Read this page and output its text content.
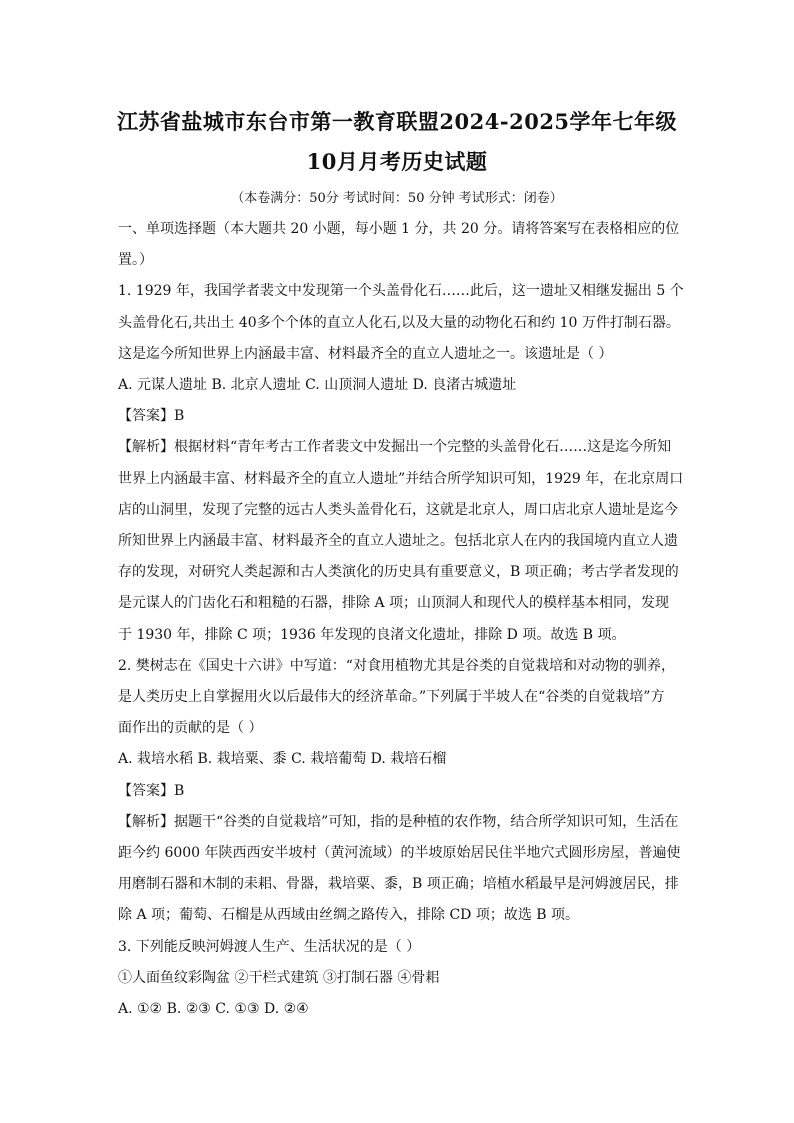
江苏省盐城市东台市第一教育联盟2024-2025学年七年级
10月月考历史试题
（本卷满分：50分 考试时间：50 分钟 考试形式：闭卷）
一、单项选择题（本大题共 20 小题，每小题 1 分，共 20 分。请将答案写在表格相应的位
置。）
1. 1929 年，我国学者裴文中发现第一个头盖骨化石……此后，这一遗址又相继发掘出 5 个
头盖骨化石,共出土 40多个个体的直立人化石,以及大量的动物化石和约 10 万件打制石器。
这是迄今所知世界上内涵最丰富、材料最齐全的直立人遗址之一。该遗址是（ ）
A. 元谋人遗址 B. 北京人遗址 C. 山顶洞人遗址 D. 良渚古城遗址
【答案】B
【解析】根据材料“青年考古工作者裴文中发掘出一个完整的头盖骨化石……这是迄今所知
世界上内涵最丰富、材料最齐全的直立人遗址”并结合所学知识可知，1929 年，在北京周口
店的山洞里，发现了完整的远古人类头盖骨化石，这就是北京人，周口店北京人遗址是迄今
所知世界上内涵最丰富、材料最齐全的直立人遗址之。包括北京人在内的我国境内直立人遗
存的发现，对研究人类起源和古人类演化的历史具有重要意义，B 项正确；考古学者发现的
是元谋人的门齿化石和粗糙的石器，排除 A 项；山顶洞人和现代人的模样基本相同，发现
于 1930 年，排除 C 项；1936 年发现的良渚文化遗址，排除 D 项。故选 B 项。
2. 樊树志在《国史十六讲》中写道：“对食用植物尤其是谷类的自觉栽培和对动物的驯养，
是人类历史上自掌握用火以后最伟大的经济革命。”下列属于半坡人在“谷类的自觉栽培”方
面作出的贡献的是（ ）
A. 栽培水稻 B. 栽培粟、黍 C. 栽培葡萄 D. 栽培石榴
【答案】B
【解析】据题干“谷类的自觉栽培”可知，指的是种植的农作物，结合所学知识可知，生活在
距今约 6000 年陕西西安半坡村（黄河流域）的半坡原始居民住半地穴式圆形房屋，普遍使
用磨制石器和木制的耒耜、骨器，栽培粟、黍，B 项正确；培植水稻最早是河姆渡居民，排
除 A 项；葡萄、石榴是从西域由丝绸之路传入，排除 CD 项；故选 B 项。
3. 下列能反映河姆渡人生产、生活状况的是（ ）
①人面鱼纹彩陶盆 ②干栏式建筑 ③打制石器 ④骨耜
A. ①② B. ②③ C. ①③ D. ②④
